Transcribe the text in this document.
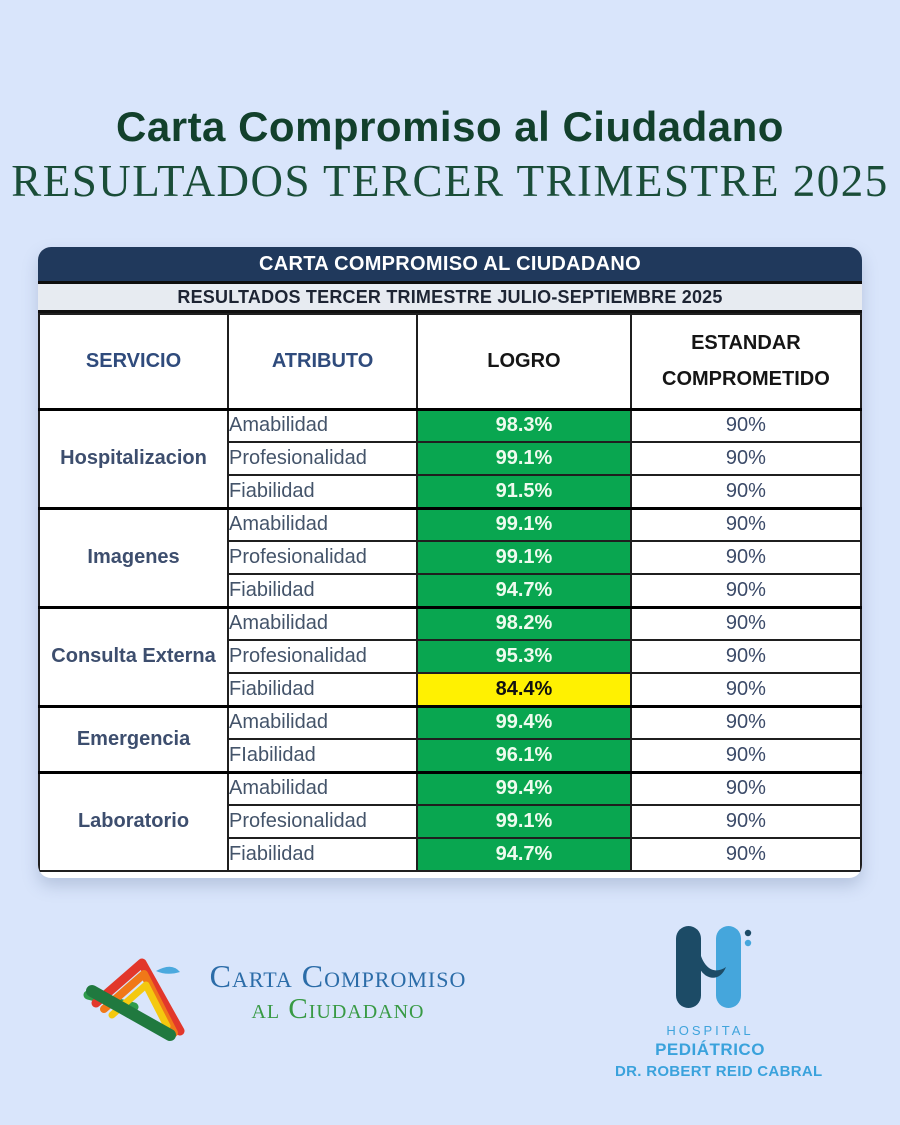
Carta Compromiso al Ciudadano
RESULTADOS TERCER TRIMESTRE 2025
CARTA COMPROMISO AL CIUDADANO
RESULTADOS TERCER TRIMESTRE JULIO-SEPTIEMBRE 2025
SERVICIO	ATRIBUTO	LOGRO	ESTANDAR COMPROMETIDO
Hospitalizacion	Amabilidad	98.3%	90%
	Profesionalidad	99.1%	90%
	Fiabilidad	91.5%	90%
Imagenes	Amabilidad	99.1%	90%
	Profesionalidad	99.1%	90%
	Fiabilidad	94.7%	90%
Consulta Externa	Amabilidad	98.2%	90%
	Profesionalidad	95.3%	90%
	Fiabilidad	84.4%	90%
Emergencia	Amabilidad	99.4%	90%
	FIabilidad	96.1%	90%
Laboratorio	Amabilidad	99.4%	90%
	Profesionalidad	99.1%	90%
	Fiabilidad	94.7%	90%
Carta Compromiso
al Ciudadano
HOSPITAL
PEDIÁTRICO
DR. ROBERT REID CABRAL
